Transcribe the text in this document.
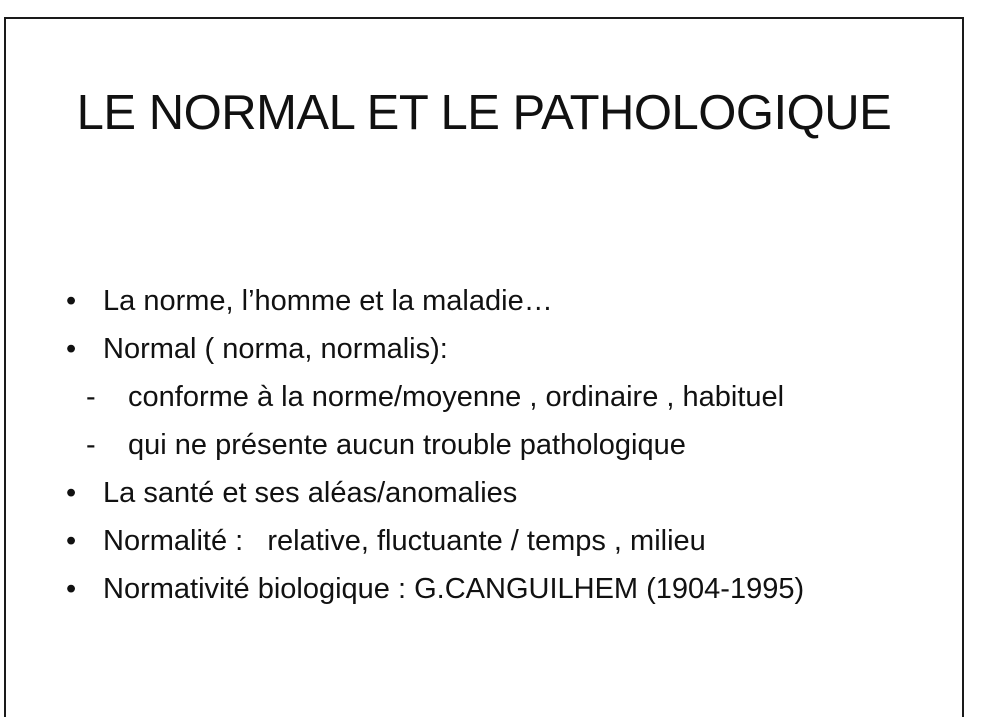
LE NORMAL ET LE PATHOLOGIQUE
• La norme, l’homme et la maladie…
• Normal ( norma, normalis):
- conforme à la norme/moyenne , ordinaire , habituel
- qui ne présente aucun trouble pathologique
• La santé et ses aléas/anomalies
• Normalité :   relative, fluctuante / temps , milieu
• Normativité biologique : G.CANGUILHEM (1904-1995)
